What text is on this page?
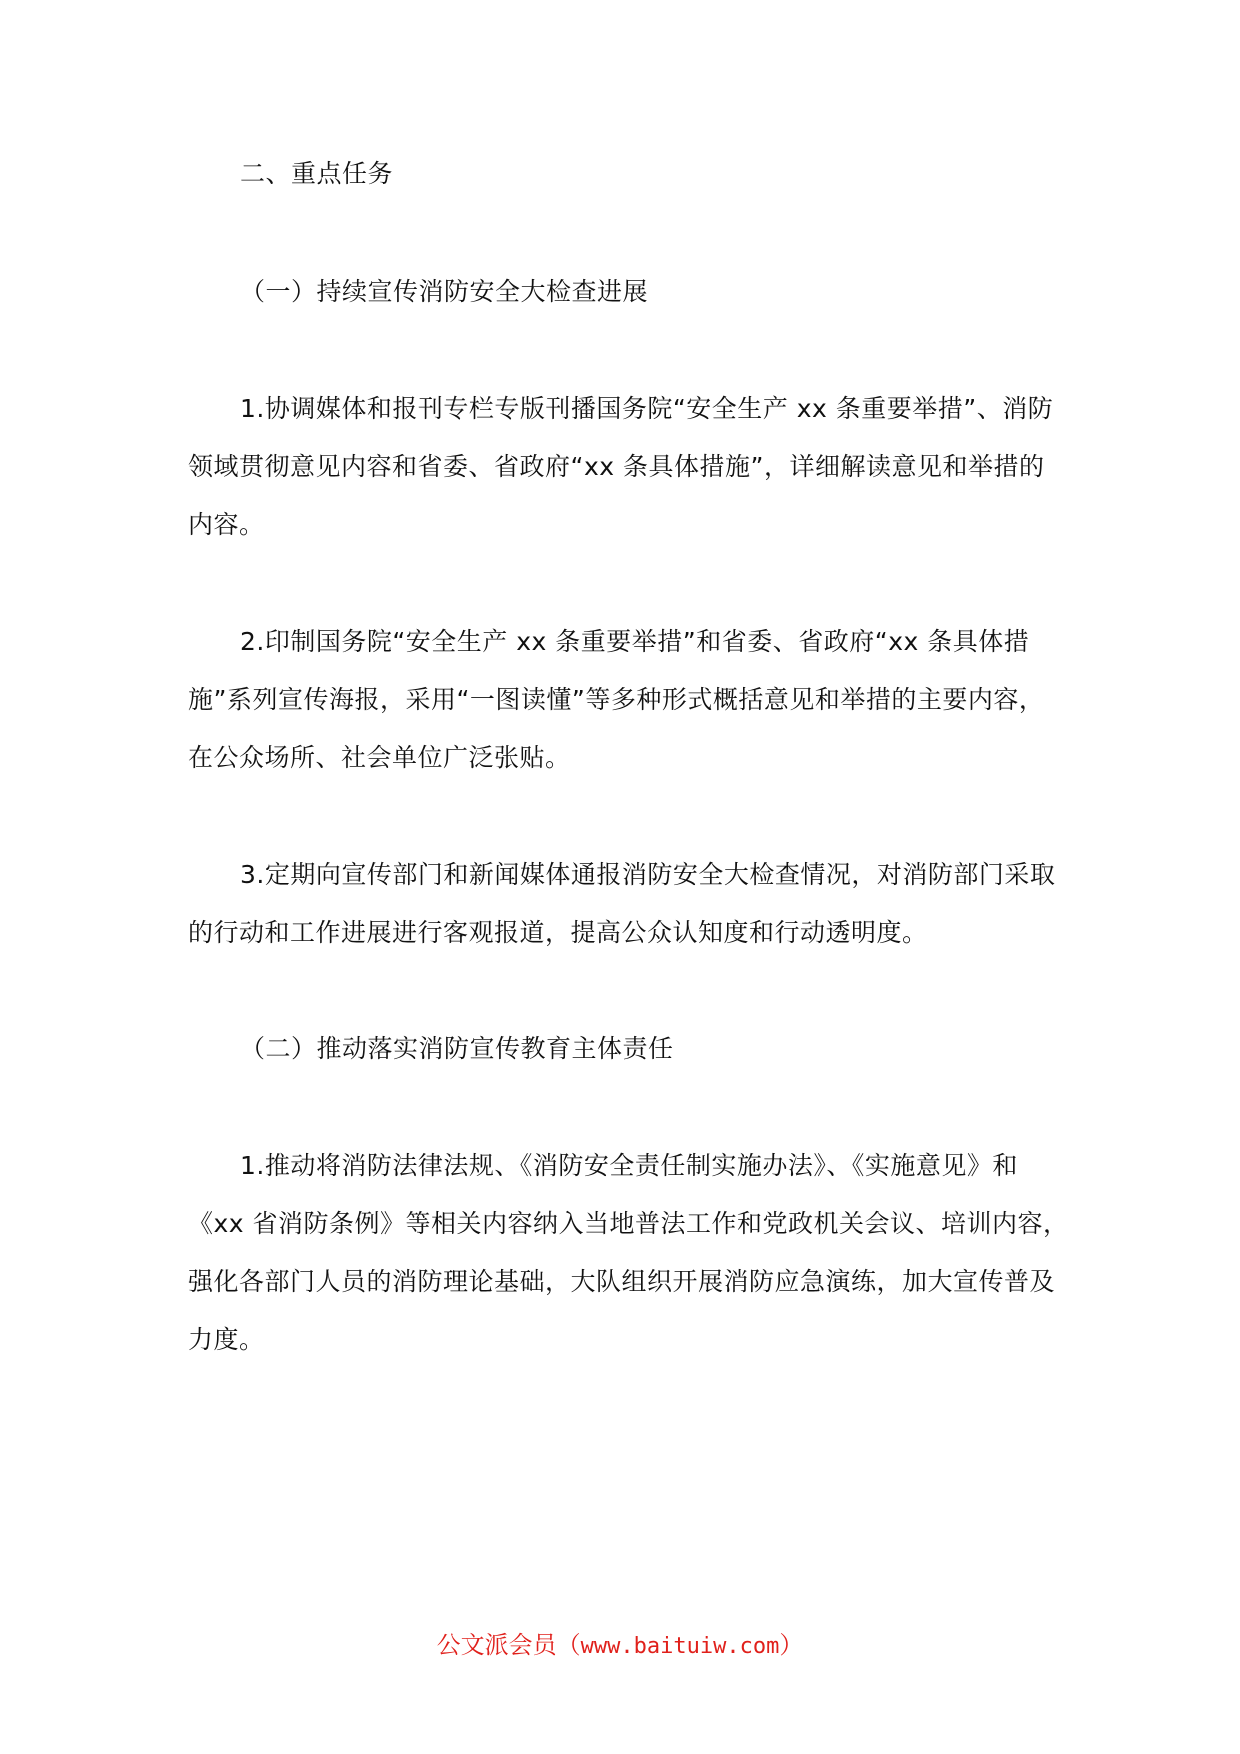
二、重点任务
（一）持续宣传消防安全大检查进展
1.协调媒体和报刊专栏专版刊播国务院“安全生产 xx 条重要举措”、消防
领域贯彻意见内容和省委、省政府“xx 条具体措施”，详细解读意见和举措的
内容。
2.印制国务院“安全生产 xx 条重要举措”和省委、省政府“xx 条具体措
施”系列宣传海报，采用“一图读懂”等多种形式概括意见和举措的主要内容，
在公众场所、社会单位广泛张贴。
3.定期向宣传部门和新闻媒体通报消防安全大检查情况，对消防部门采取
的行动和工作进展进行客观报道，提高公众认知度和行动透明度。
（二）推动落实消防宣传教育主体责任
1.推动将消防法律法规、《消防安全责任制实施办法》、《实施意见》和
《xx 省消防条例》等相关内容纳入当地普法工作和党政机关会议、培训内容，
强化各部门人员的消防理论基础，大队组织开展消防应急演练，加大宣传普及
力度。
公文派会员（www.baituiw.com）
